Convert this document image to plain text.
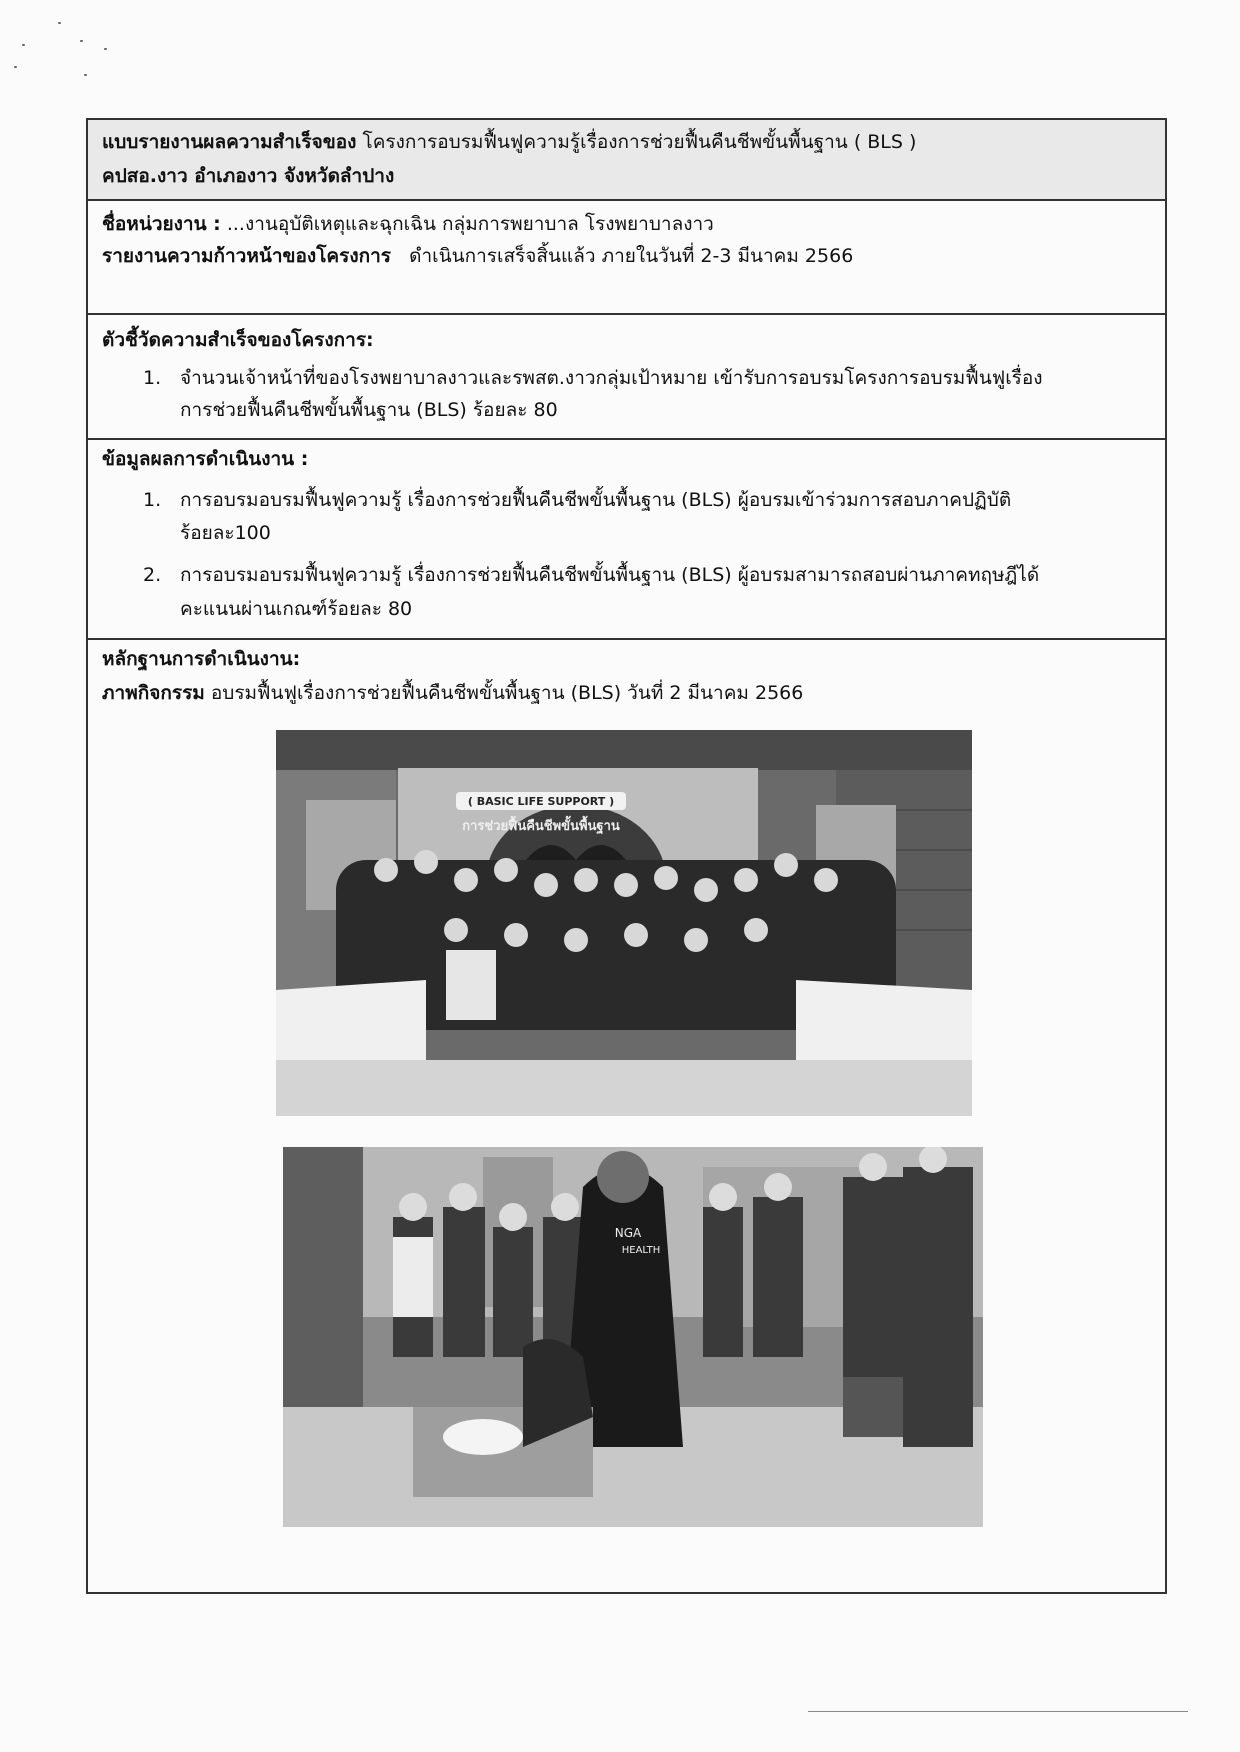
แบบรายงานผลความสำเร็จของ โครงการอบรมฟื้นฟูความรู้เรื่องการช่วยฟื้นคืนชีพขั้นพื้นฐาน ( BLS )
คปสอ.งาว อำเภองาว จังหวัดลำปาง
ชื่อหน่วยงาน : ...งานอุบัติเหตุและฉุกเฉิน กลุ่มการพยาบาล โรงพยาบาลงาว
รายงานความก้าวหน้าของโครงการ ดำเนินการเสร็จสิ้นแล้ว ภายในวันที่ 2-3 มีนาคม 2566
ตัวชี้วัดความสำเร็จของโครงการ:
1. จำนวนเจ้าหน้าที่ของโรงพยาบาลงาวและรพสต.งาวกลุ่มเป้าหมาย เข้ารับการอบรมโครงการอบรมฟื้นฟูเรื่อง
การช่วยฟื้นคืนชีพขั้นพื้นฐาน (BLS) ร้อยละ 80
ข้อมูลผลการดำเนินงาน :
1. การอบรมอบรมฟื้นฟูความรู้ เรื่องการช่วยฟื้นคืนชีพขั้นพื้นฐาน (BLS) ผู้อบรมเข้าร่วมการสอบภาคปฏิบัติ
ร้อยละ100
2. การอบรมอบรมฟื้นฟูความรู้ เรื่องการช่วยฟื้นคืนชีพขั้นพื้นฐาน (BLS) ผู้อบรมสามารถสอบผ่านภาคทฤษฎีได้
คะแนนผ่านเกณฑ์ร้อยละ 80
หลักฐานการดำเนินงาน:
ภาพกิจกรรม อบรมฟื้นฟูเรื่องการช่วยฟื้นคืนชีพขั้นพื้นฐาน (BLS) วันที่ 2 มีนาคม 2566
( BASIC LIFE SUPPORT )
การช่วยฟื้นคืนชีพขั้นพื้นฐาน
NGA
HEALTH
